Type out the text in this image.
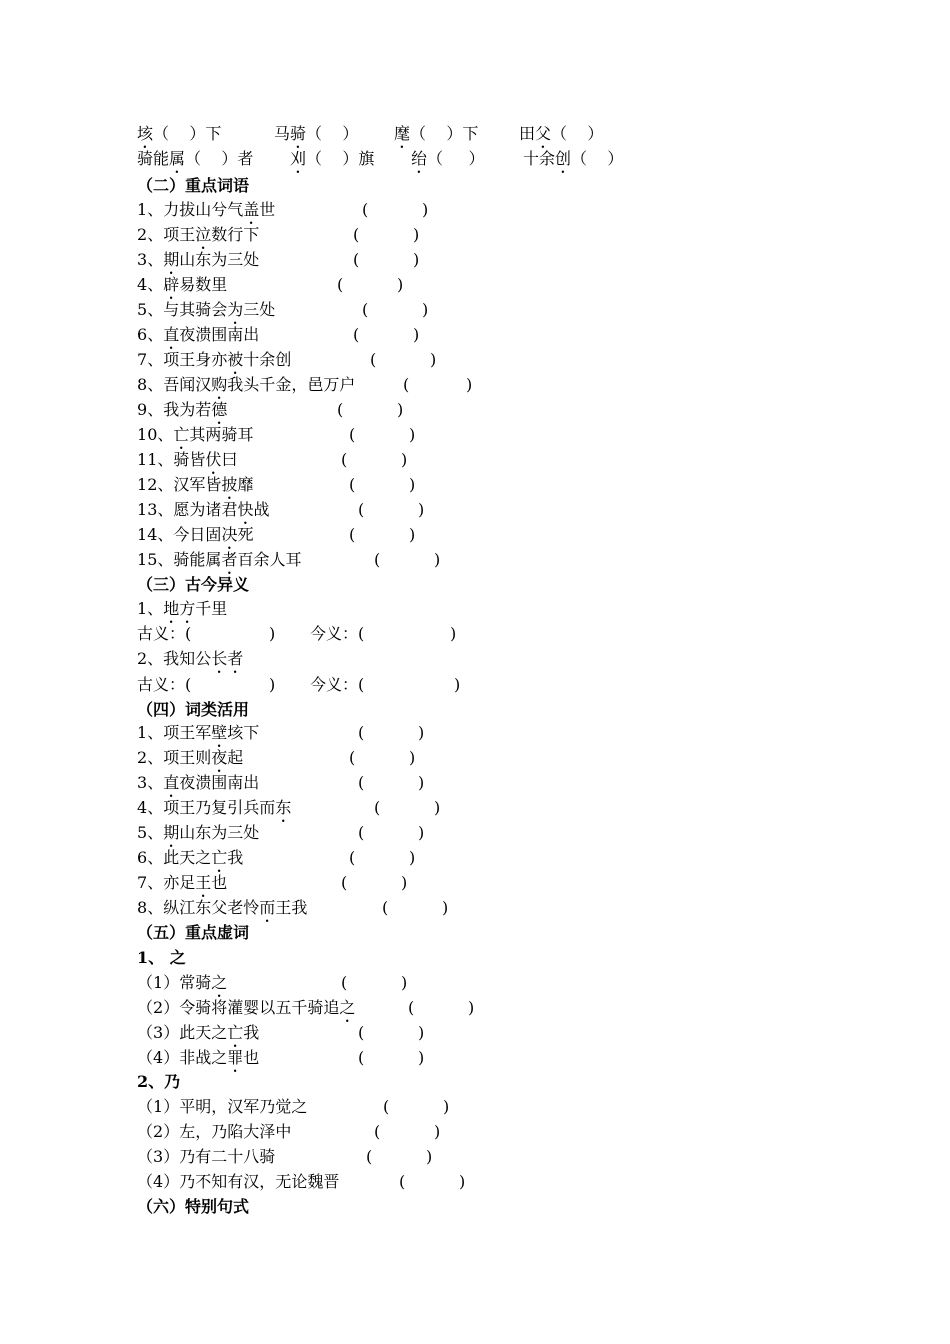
垓（    ）下	马骑（    ） 麾（    ）下	田父（    ）
骑能属（    ）者 刈（    ）旗 绐（     ） 十余创（    ）
（二）重点词语
1、力拔山兮气盖世	(	)
2、项王泣数行下	(	)
3、期山东为三处	(	)
4、辟易数里	(	)
5、与其骑会为三处	(	)
6、直夜溃围南出	(	)
7、项王身亦被十余创	(	)
8、吾闻汉购我头千金，邑万户	(	)
9、我为若德	(	)
10、亡其两骑耳	(	)
11、骑皆伏曰	(	)
12、汉军皆披靡	(	)
13、愿为诸君快战	(	)
14、今日固决死	(	)
15、骑能属者百余人耳	(	)
（三）古今异义
1、地方千里
古义：(	) 今义：(	)
2、我知公长者
古义：(	) 今义：(	)
（四）词类活用
1、项王军壁垓下	(	)
2、项王则夜起	(	)
3、直夜溃围南出	(	)
4、项王乃复引兵而东	(	)
5、期山东为三处	(	)
6、此天之亡我	(	)
7、亦足王也	(	)
8、纵江东父老怜而王我	(	)
（五）重点虚词
1、 之
（1）常骑之	(	)
（2）令骑将灌婴以五千骑追之	(	)
（3）此天之亡我	(	)
（4）非战之罪也	(	)
2、乃
（1）平明，汉军乃觉之	(	)
（2）左，乃陷大泽中	(	)
（3）乃有二十八骑	(	)
（4）乃不知有汉，无论魏晋	(	)
（六）特别句式
